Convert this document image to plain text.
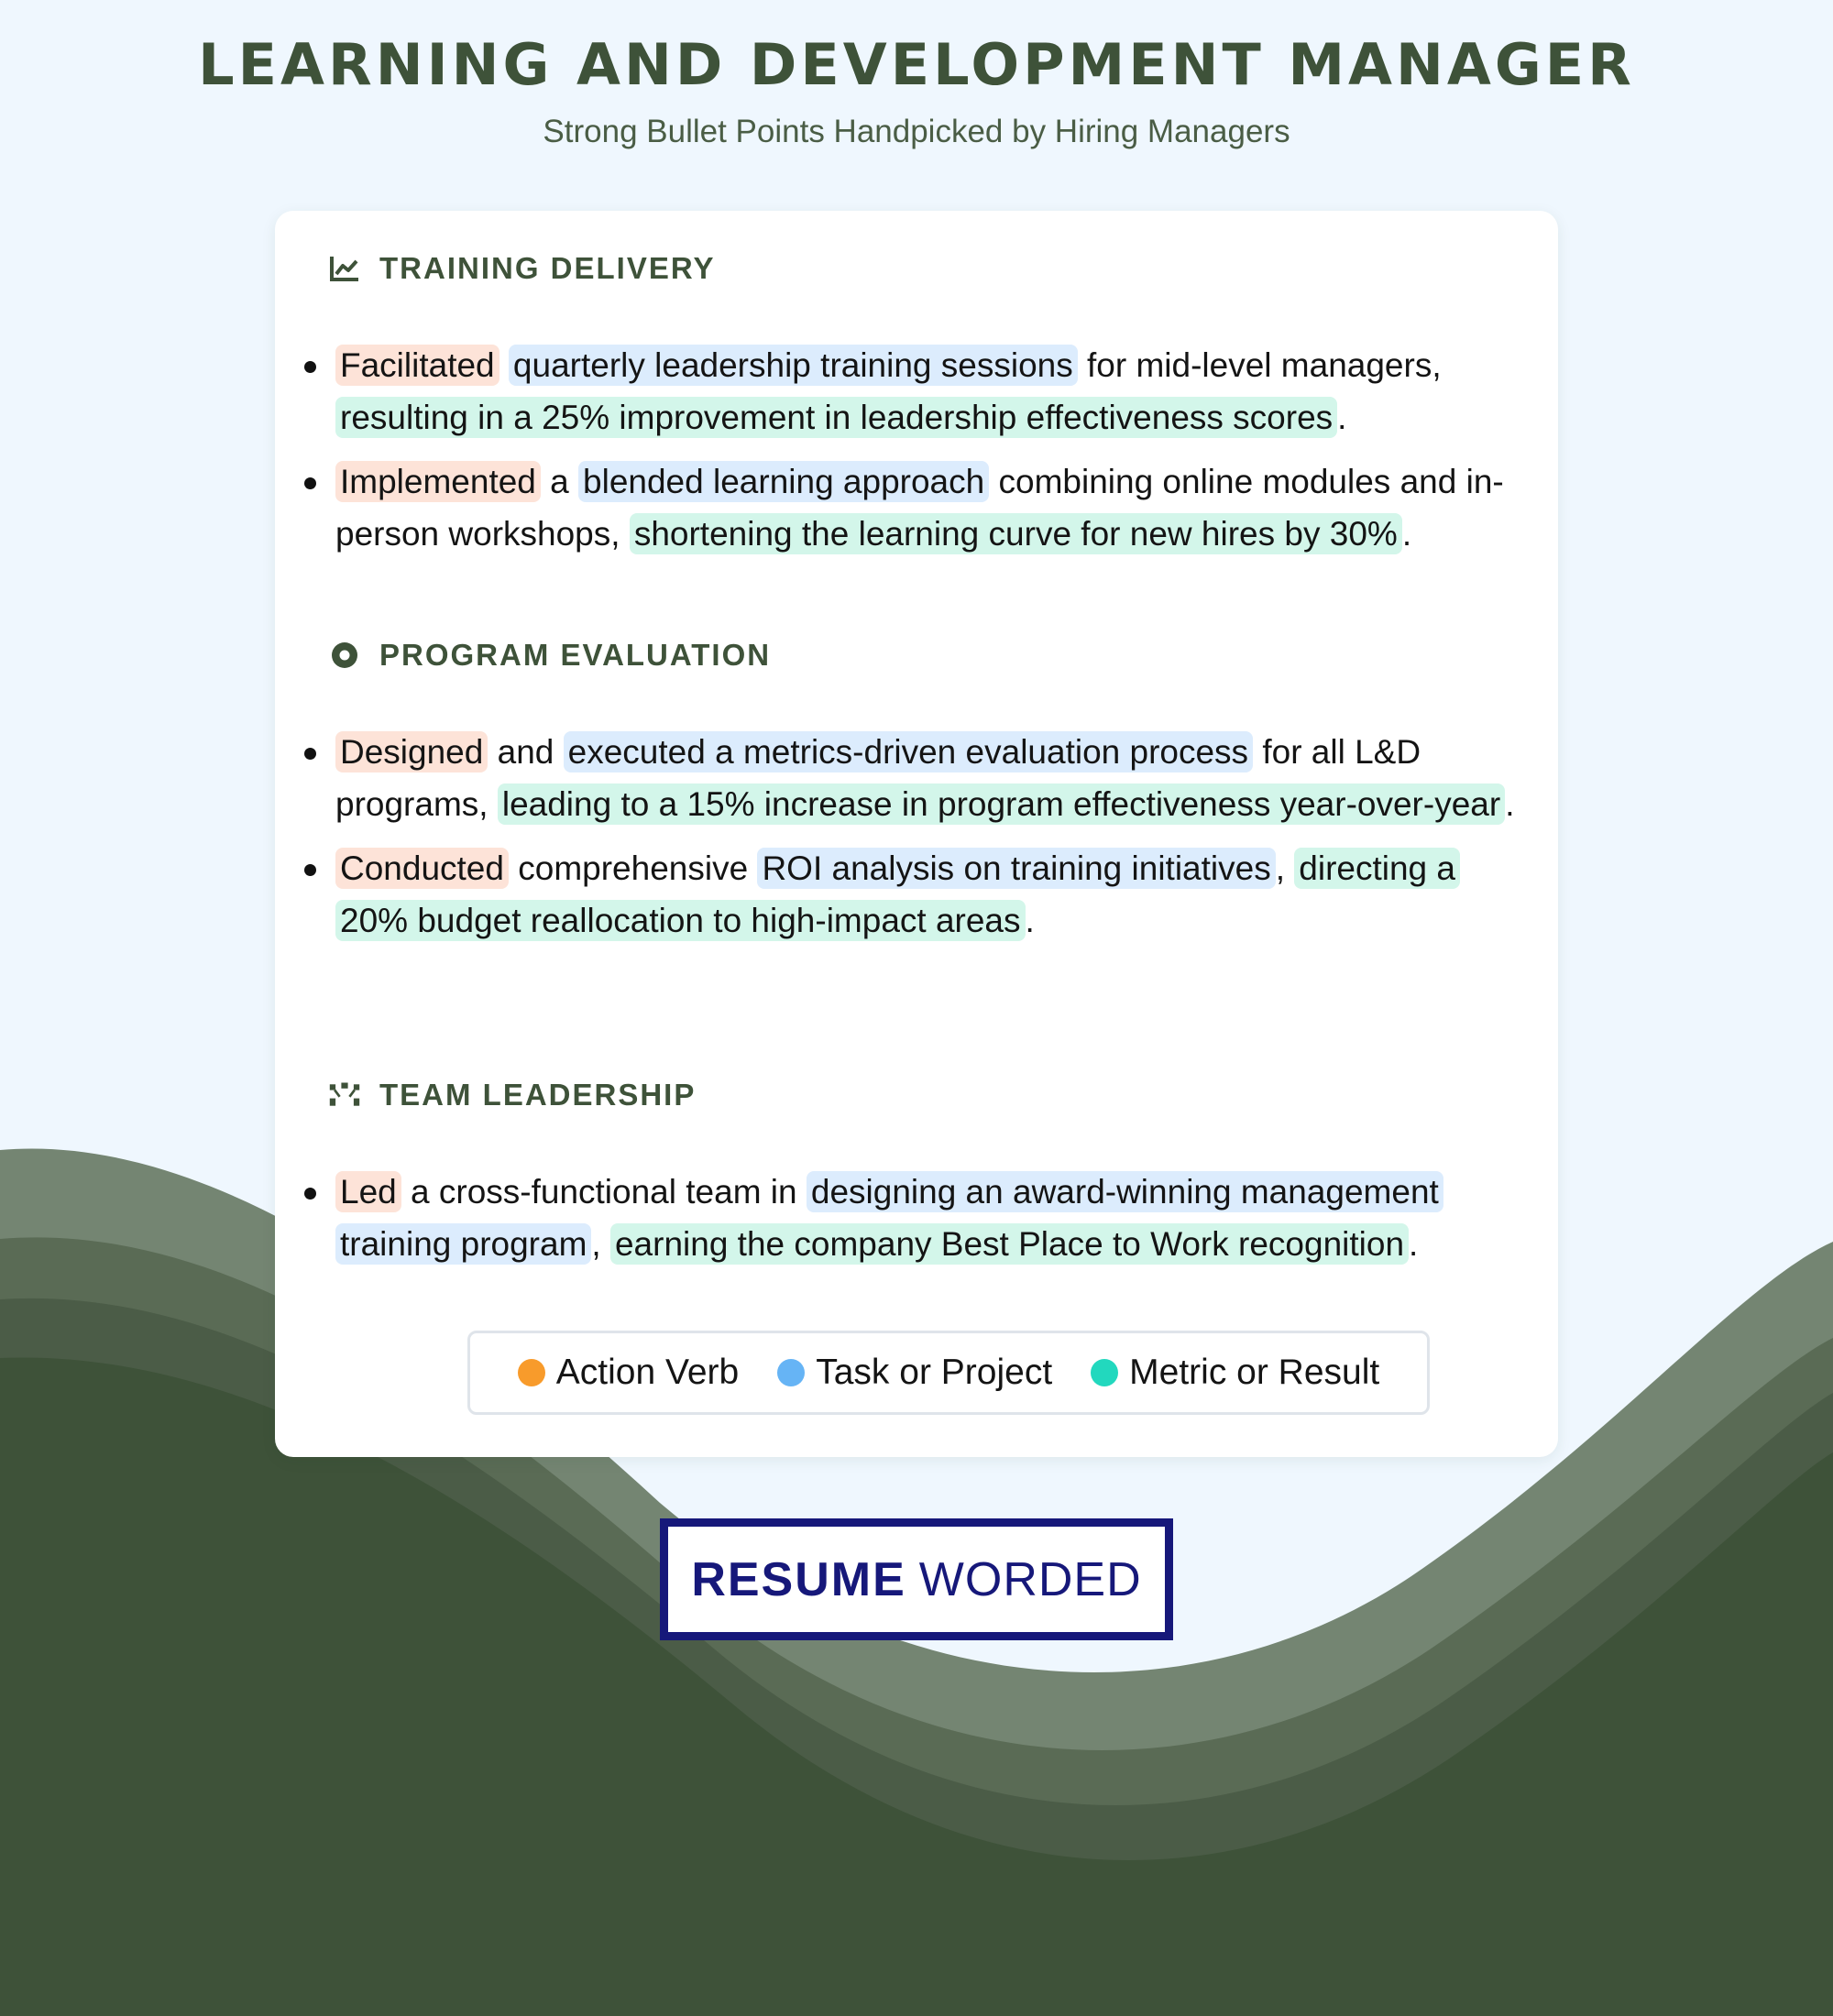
LEARNING AND DEVELOPMENT MANAGER

Strong Bullet Points Handpicked by Hiring Managers

TRAINING DELIVERY
Facilitated quarterly leadership training sessions for mid-level managers, resulting in a 25% improvement in leadership effectiveness scores .
Implemented a blended learning approach combining online modules and in-person workshops, shortening the learning curve for new hires by 30% .
PROGRAM EVALUATION
Designed and executed a metrics-driven evaluation process for all L&D programs, leading to a 15% increase in program effectiveness year-over-year .
Conducted comprehensive ROI analysis on training initiatives , directing a 20% budget reallocation to high-impact areas .
TEAM LEADERSHIP
Led a cross-functional team in designing an award-winning management training program , earning the company Best Place to Work recognition .
Action Verb Task or Project Metric or Result
RESUME WORDED
